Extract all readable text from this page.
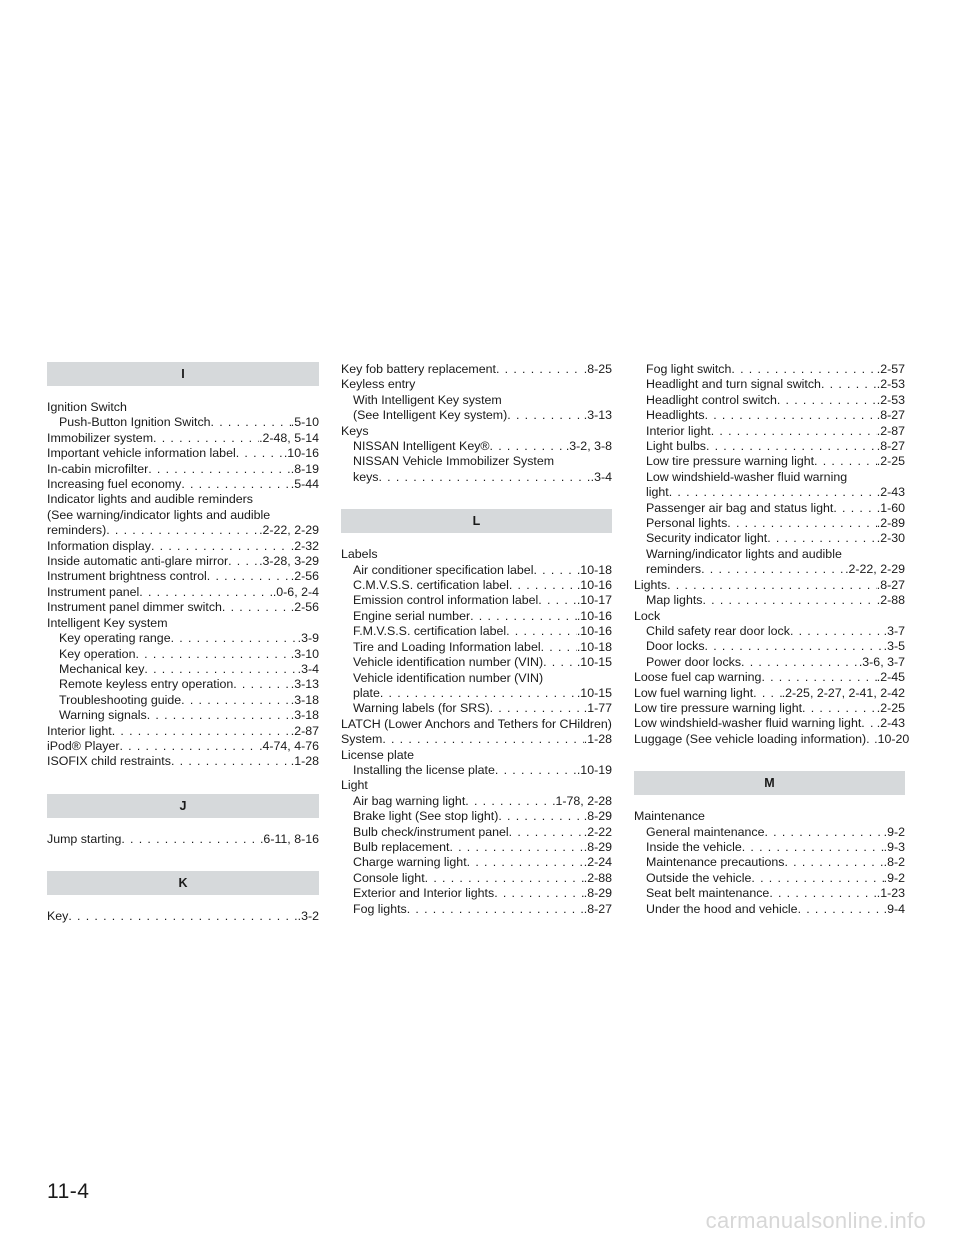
I
Ignition Switch
Push-Button Ignition Switch . . .	.5-10
Immobilizer system . . .	.2-48, 5-14
Important vehicle information label . . .	.10-16
In-cabin microfilter . . .	.8-19
Increasing fuel economy . . .	.5-44
Indicator lights and audible reminders
(See warning/indicator lights and audible
reminders) . . .	.2-22, 2-29
Information display . . .	.2-32
Inside automatic anti-glare mirror . . . .3-28, 3-29
Instrument brightness control . . .	.2-56
Instrument panel . . .	.0-6, 2-4
Instrument panel dimmer switch . . .	.2-56
Intelligent Key system
Key operating range . . .	.3-9
Key operation . . .	.3-10
Mechanical key . . .	.3-4
Remote keyless entry operation . . .	.3-13
Troubleshooting guide . . .	.3-18
Warning signals . . .	.3-18
Interior light . . .	.2-87
iPod® Player . . .	.4-74, 4-76
ISOFIX child restraints . . .	.1-28
J
Jump starting . . .	.6-11, 8-16
K
Key . . .	.3-2
Key fob battery replacement . . .	.8-25
Keyless entry
With Intelligent Key system
(See Intelligent Key system) . . .	.3-13
Keys
NISSAN Intelligent Key® . . .	.3-2, 3-8
NISSAN Vehicle Immobilizer System
keys . . .	.3-4
L
Labels
Air conditioner specification label . . .	.10-18
C.M.V.S.S. certification label . . .	.10-16
Emission control information label . . .	.10-17
Engine serial number . . .	.10-16
F.M.V.S.S. certification label . . .	.10-16
Tire and Loading Information label . . .	.10-18
Vehicle identification number (VIN) . . .	.10-15
Vehicle identification number (VIN)
plate . . .	.10-15
Warning labels (for SRS) . . .	.1-77
LATCH (Lower Anchors and Tethers for CHildren)
System . . .	.1-28
License plate
Installing the license plate . . .	.10-19
Light
Air bag warning light . . .	.1-78, 2-28
Brake light (See stop light) . . .	.8-29
Bulb check/instrument panel . . .	.2-22
Bulb replacement . . .	.8-29
Charge warning light . . .	.2-24
Console light . . .	.2-88
Exterior and Interior lights . . .	.8-29
Fog lights . . .	.8-27
Fog light switch . . .	.2-57
Headlight and turn signal switch . . .	.2-53
Headlight control switch . . .	.2-53
Headlights . . .	.8-27
Interior light . . .	.2-87
Light bulbs . . .	.8-27
Low tire pressure warning light . . .	.2-25
Low windshield-washer fluid warning
light . . .	.2-43
Passenger air bag and status light . . .	.1-60
Personal lights . . .	.2-89
Security indicator light . . .	.2-30
Warning/indicator lights and audible
reminders . . .	.2-22, 2-29
Lights . . .	.8-27
Map lights . . .	.2-88
Lock
Child safety rear door lock . . .	.3-7
Door locks . . .	.3-5
Power door locks . . .	.3-6, 3-7
Loose fuel cap warning . . .	.2-45
Low fuel warning light . . . .2-25, 2-27, 2-41, 2-42
Low tire pressure warning light . . .	.2-25
Low windshield-washer fluid warning light . . . .2-43
Luggage (See vehicle loading information) . . . .10-20
M
Maintenance
General maintenance . . .	.9-2
Inside the vehicle . . .	.9-3
Maintenance precautions . . .	.8-2
Outside the vehicle . . .	.9-2
Seat belt maintenance . . .	.1-23
Under the hood and vehicle . . .	.9-4
11-4
carmanualsonline.info
